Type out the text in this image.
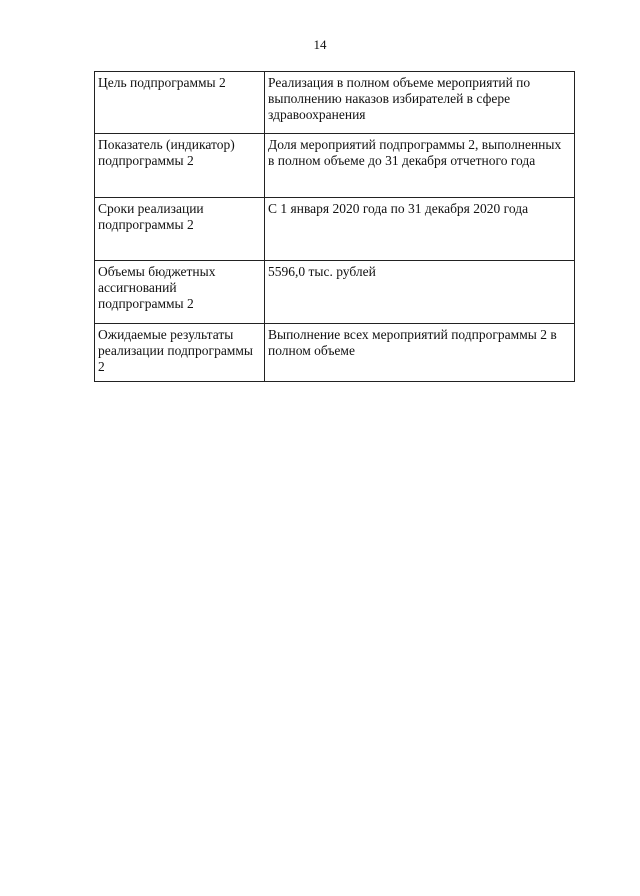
14
Цель подпрограммы 2	Реализация в полном объеме мероприятий по выполнению наказов избирателей в сфере здравоохранения
Показатель (индикатор) подпрограммы 2	Доля мероприятий подпрограммы 2, выполненных в полном объеме до 31 декабря отчетного года
Сроки реализации подпрограммы 2	С 1 января 2020 года по 31 декабря 2020 года
Объемы бюджетных ассигнований подпрограммы 2	5596,0 тыс. рублей
Ожидаемые результаты реализации подпрограммы 2	Выполнение всех мероприятий подпрограммы 2 в полном объеме
